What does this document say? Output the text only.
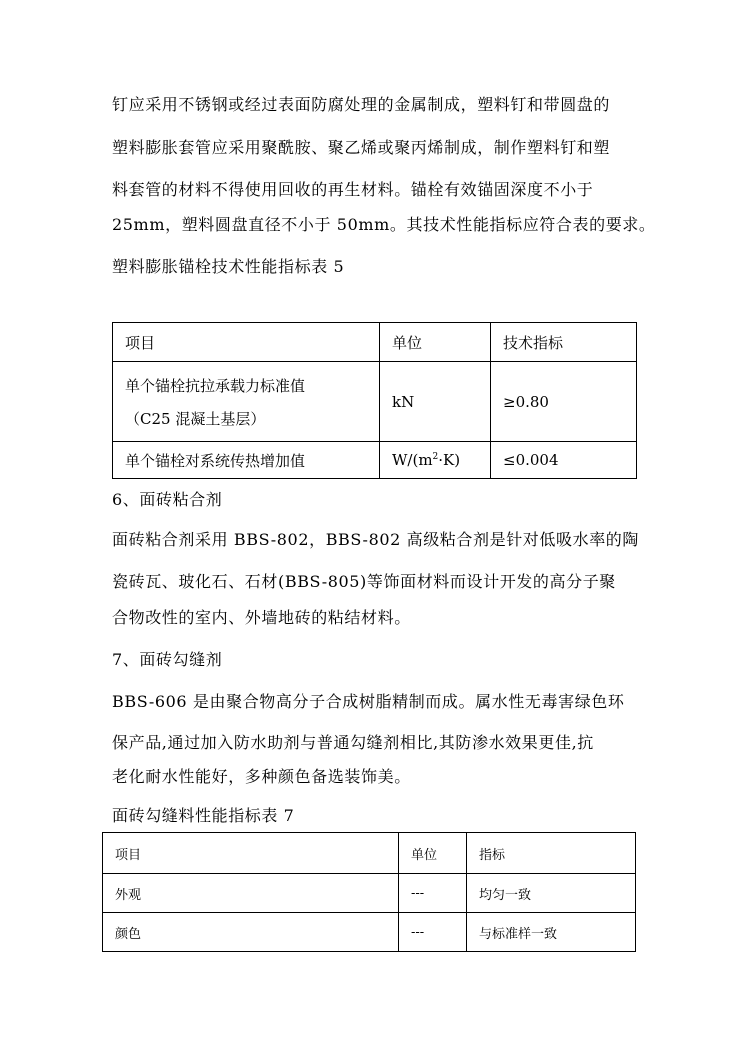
钉应采用不锈钢或经过表面防腐处理的金属制成，塑料钉和带圆盘的
塑料膨胀套管应采用聚酰胺、聚乙烯或聚丙烯制成，制作塑料钉和塑
料套管的材料不得使用回收的再生材料。锚栓有效锚固深度不小于
25mm，塑料圆盘直径不小于 50mm。其技术性能指标应符合表的要求。
塑料膨胀锚栓技术性能指标表 5
项目	单位	技术指标

单个锚栓抗拉承载力标准值
（C25 混凝土基层）	kN	≥0.80
单个锚栓对系统传热增加值	$W/(m^2\cdot K)$	≤0.004
6、面砖粘合剂
面砖粘合剂采用 BBS-802，BBS-802 高级粘合剂是针对低吸水率的陶
瓷砖瓦、玻化石、石材(BBS-805)等饰面材料而设计开发的高分子聚
合物改性的室内、外墙地砖的粘结材料。
7、面砖勾缝剂
BBS-606 是由聚合物高分子合成树脂精制而成。属水性无毒害绿色环
保产品,通过加入防水助剂与普通勾缝剂相比,其防渗水效果更佳,抗
老化耐水性能好，多种颜色备选装饰美。
面砖勾缝料性能指标表 7
项目	单位	指标
外观	---	均匀一致
颜色	---	与标准样一致
